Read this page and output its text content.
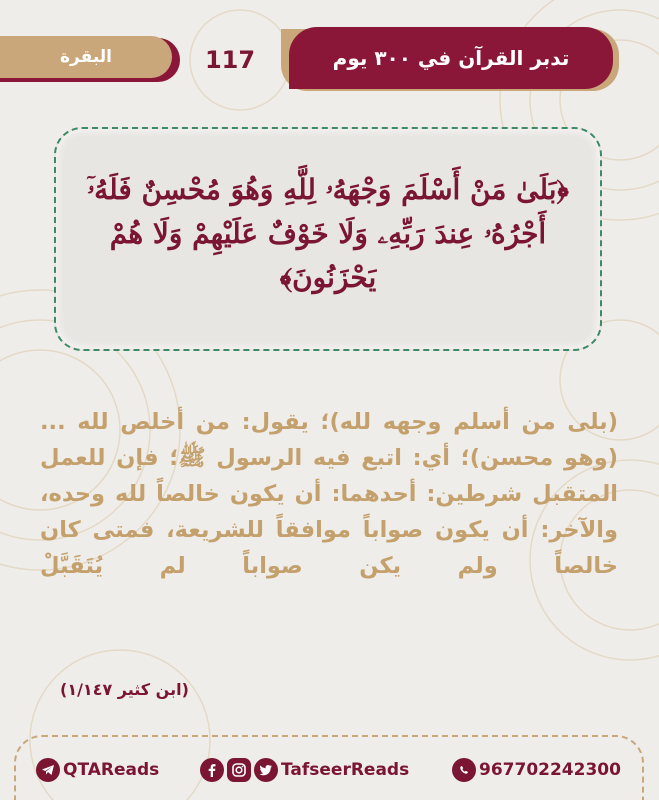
تدبر القرآن في ٣٠٠ يوم
117
البقرة
﴿بَلَىٰ مَنْ أَسْلَمَ وَجْهَهُۥ لِلَّهِ وَهُوَ مُحْسِنٌ فَلَهُۥٓ أَجْرُهُۥ عِندَ رَبِّهِۦ وَلَا خَوْفٌ عَلَيْهِمْ وَلَا هُمْ يَحْزَنُونَ﴾
(بلى من أسلم وجهه لله)؛ يقول: من أخلص لله ... (وهو محسن)؛ أي: اتبع فيه الرسول ﷺ؛ فإن للعمل المتقبل شرطين: أحدهما: أن يكون خالصاً لله وحده، والآخر: أن يكون صواباً موافقاً للشريعة، فمتى كان خالصاً ولم يكن صواباً لم يُتَقَبَّلْ
(ابن كثير ١/١٤٧)
QTAReads	TafseerReads	967702242300
